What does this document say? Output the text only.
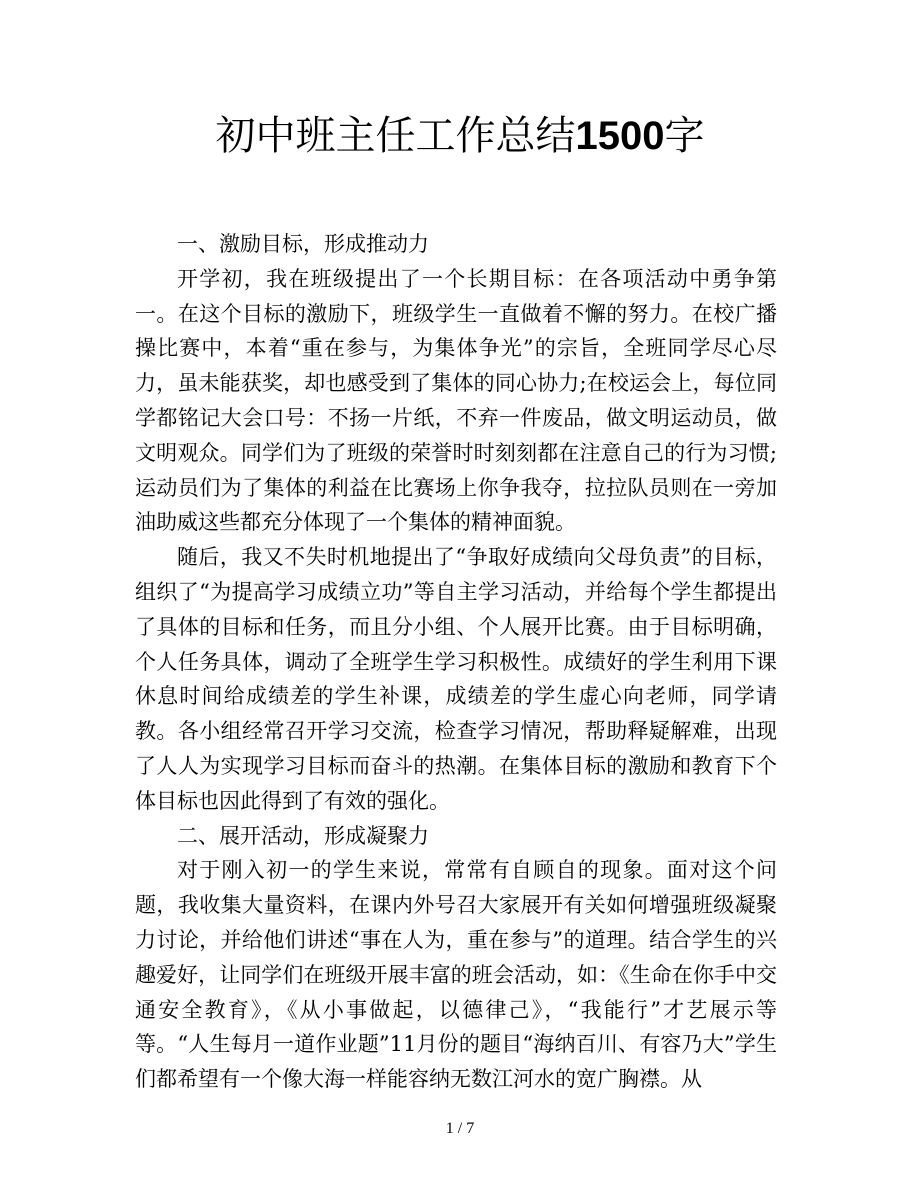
初中班主任工作总结1500字

一、激励目标，形成推动力

开学初，我在班级提出了一个长期目标：在各项活动中勇争第一。在这个目标的激励下，班级学生一直做着不懈的努力。在校广播操比赛中，本着“重在参与，为集体争光”的宗旨，全班同学尽心尽力，虽未能获奖，却也感受到了集体的同心协力;在校运会上，每位同学都铭记大会口号：不扬一片纸，不弃一件废品，做文明运动员，做文明观众。同学们为了班级的荣誉时时刻刻都在注意自己的行为习惯;运动员们为了集体的利益在比赛场上你争我夺，拉拉队员则在一旁加油助威这些都充分体现了一个集体的精神面貌。

随后，我又不失时机地提出了“争取好成绩向父母负责”的目标，组织了“为提高学习成绩立功”等自主学习活动，并给每个学生都提出了具体的目标和任务，而且分小组、个人展开比赛。由于目标明确，个人任务具体，调动了全班学生学习积极性。成绩好的学生利用下课休息时间给成绩差的学生补课，成绩差的学生虚心向老师，同学请教。各小组经常召开学习交流，检查学习情况，帮助释疑解难，出现了人人为实现学习目标而奋斗的热潮。在集体目标的激励和教育下个体目标也因此得到了有效的强化。

二、展开活动，形成凝聚力

对于刚入初一的学生来说，常常有自顾自的现象。面对这个问题，我收集大量资料，在课内外号召大家展开有关如何增强班级凝聚力讨论，并给他们讲述“事在人为，重在参与”的道理。结合学生的兴趣爱好，让同学们在班级开展丰富的班会活动，如：《生命在你手中交通安全教育》，《从小事做起，以德律己》，“我能行”才艺展示等等。“人生每月一道作业题”11月份的题目“海纳百川、有容乃大”学生们都希望有一个像大海一样能容纳无数江河水的宽广胸襟。从

1 / 7
